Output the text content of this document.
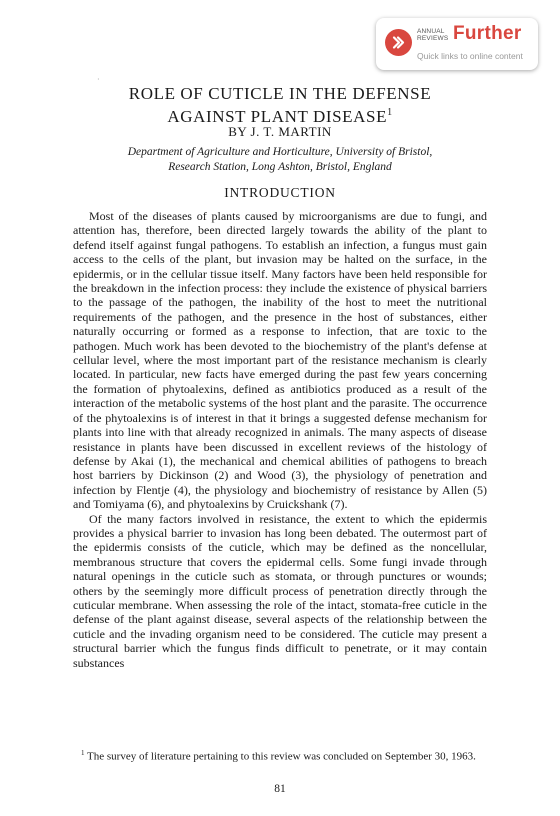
ANNUAL
REVIEWS Further
Quick links to online content
·
ROLE OF CUTICLE IN THE DEFENSE
AGAINST PLANT DISEASE$^1$
BY J. T. MARTIN
Department of Agriculture and Horticulture, University of Bristol,
Research Station, Long Ashton, Bristol, England
INTRODUCTION

Most of the diseases of plants caused by microorganisms are due to fungi, and attention has, therefore, been directed largely towards the ability of the plant to defend itself against fungal pathogens. To establish an infection, a fungus must gain access to the cells of the plant, but invasion may be halted on the surface, in the epidermis, or in the cellular tissue itself. Many factors have been held responsible for the breakdown in the infection process: they include the existence of physical barriers to the passage of the pathogen, the inability of the host to meet the nutritional requirements of the pathogen, and the presence in the host of substances, either naturally occurring or formed as a response to infection, that are toxic to the pathogen. Much work has been devoted to the biochemistry of the plant's defense at cellular level, where the most important part of the resistance mechanism is clearly located. In particular, new facts have emerged during the past few years concerning the formation of phytoalexins, defined as antibiotics produced as a result of the interaction of the metabolic systems of the host plant and the parasite. The occurrence of the phytoalexins is of interest in that it brings a suggested defense mechanism for plants into line with that already recognized in animals. The many aspects of disease resistance in plants have been discussed in excellent reviews of the histology of defense by Akai (1), the mechanical and chemical abilities of pathogens to breach host barriers by Dickinson (2) and Wood (3), the physiology of penetration and infection by Flentje (4), the physiology and biochemistry of resistance by Allen (5) and Tomiyama (6), and phytoalexins by Cruickshank (7).

Of the many factors involved in resistance, the extent to which the epidermis provides a physical barrier to invasion has long been debated. The outermost part of the epidermis consists of the cuticle, which may be defined as the noncellular, membranous structure that covers the epidermal cells. Some fungi invade through natural openings in the cuticle such as stomata, or through punctures or wounds; others by the seemingly more difficult process of penetration directly through the cuticular membrane. When assessing the role of the intact, stomata-free cuticle in the defense of the plant against disease, several aspects of the relationship between the cuticle and the invading organism need to be considered. The cuticle may present a structural barrier which the fungus finds difficult to penetrate, or it may contain substances

$^1$ The survey of literature pertaining to this review was concluded on September 30, 1963.
81
